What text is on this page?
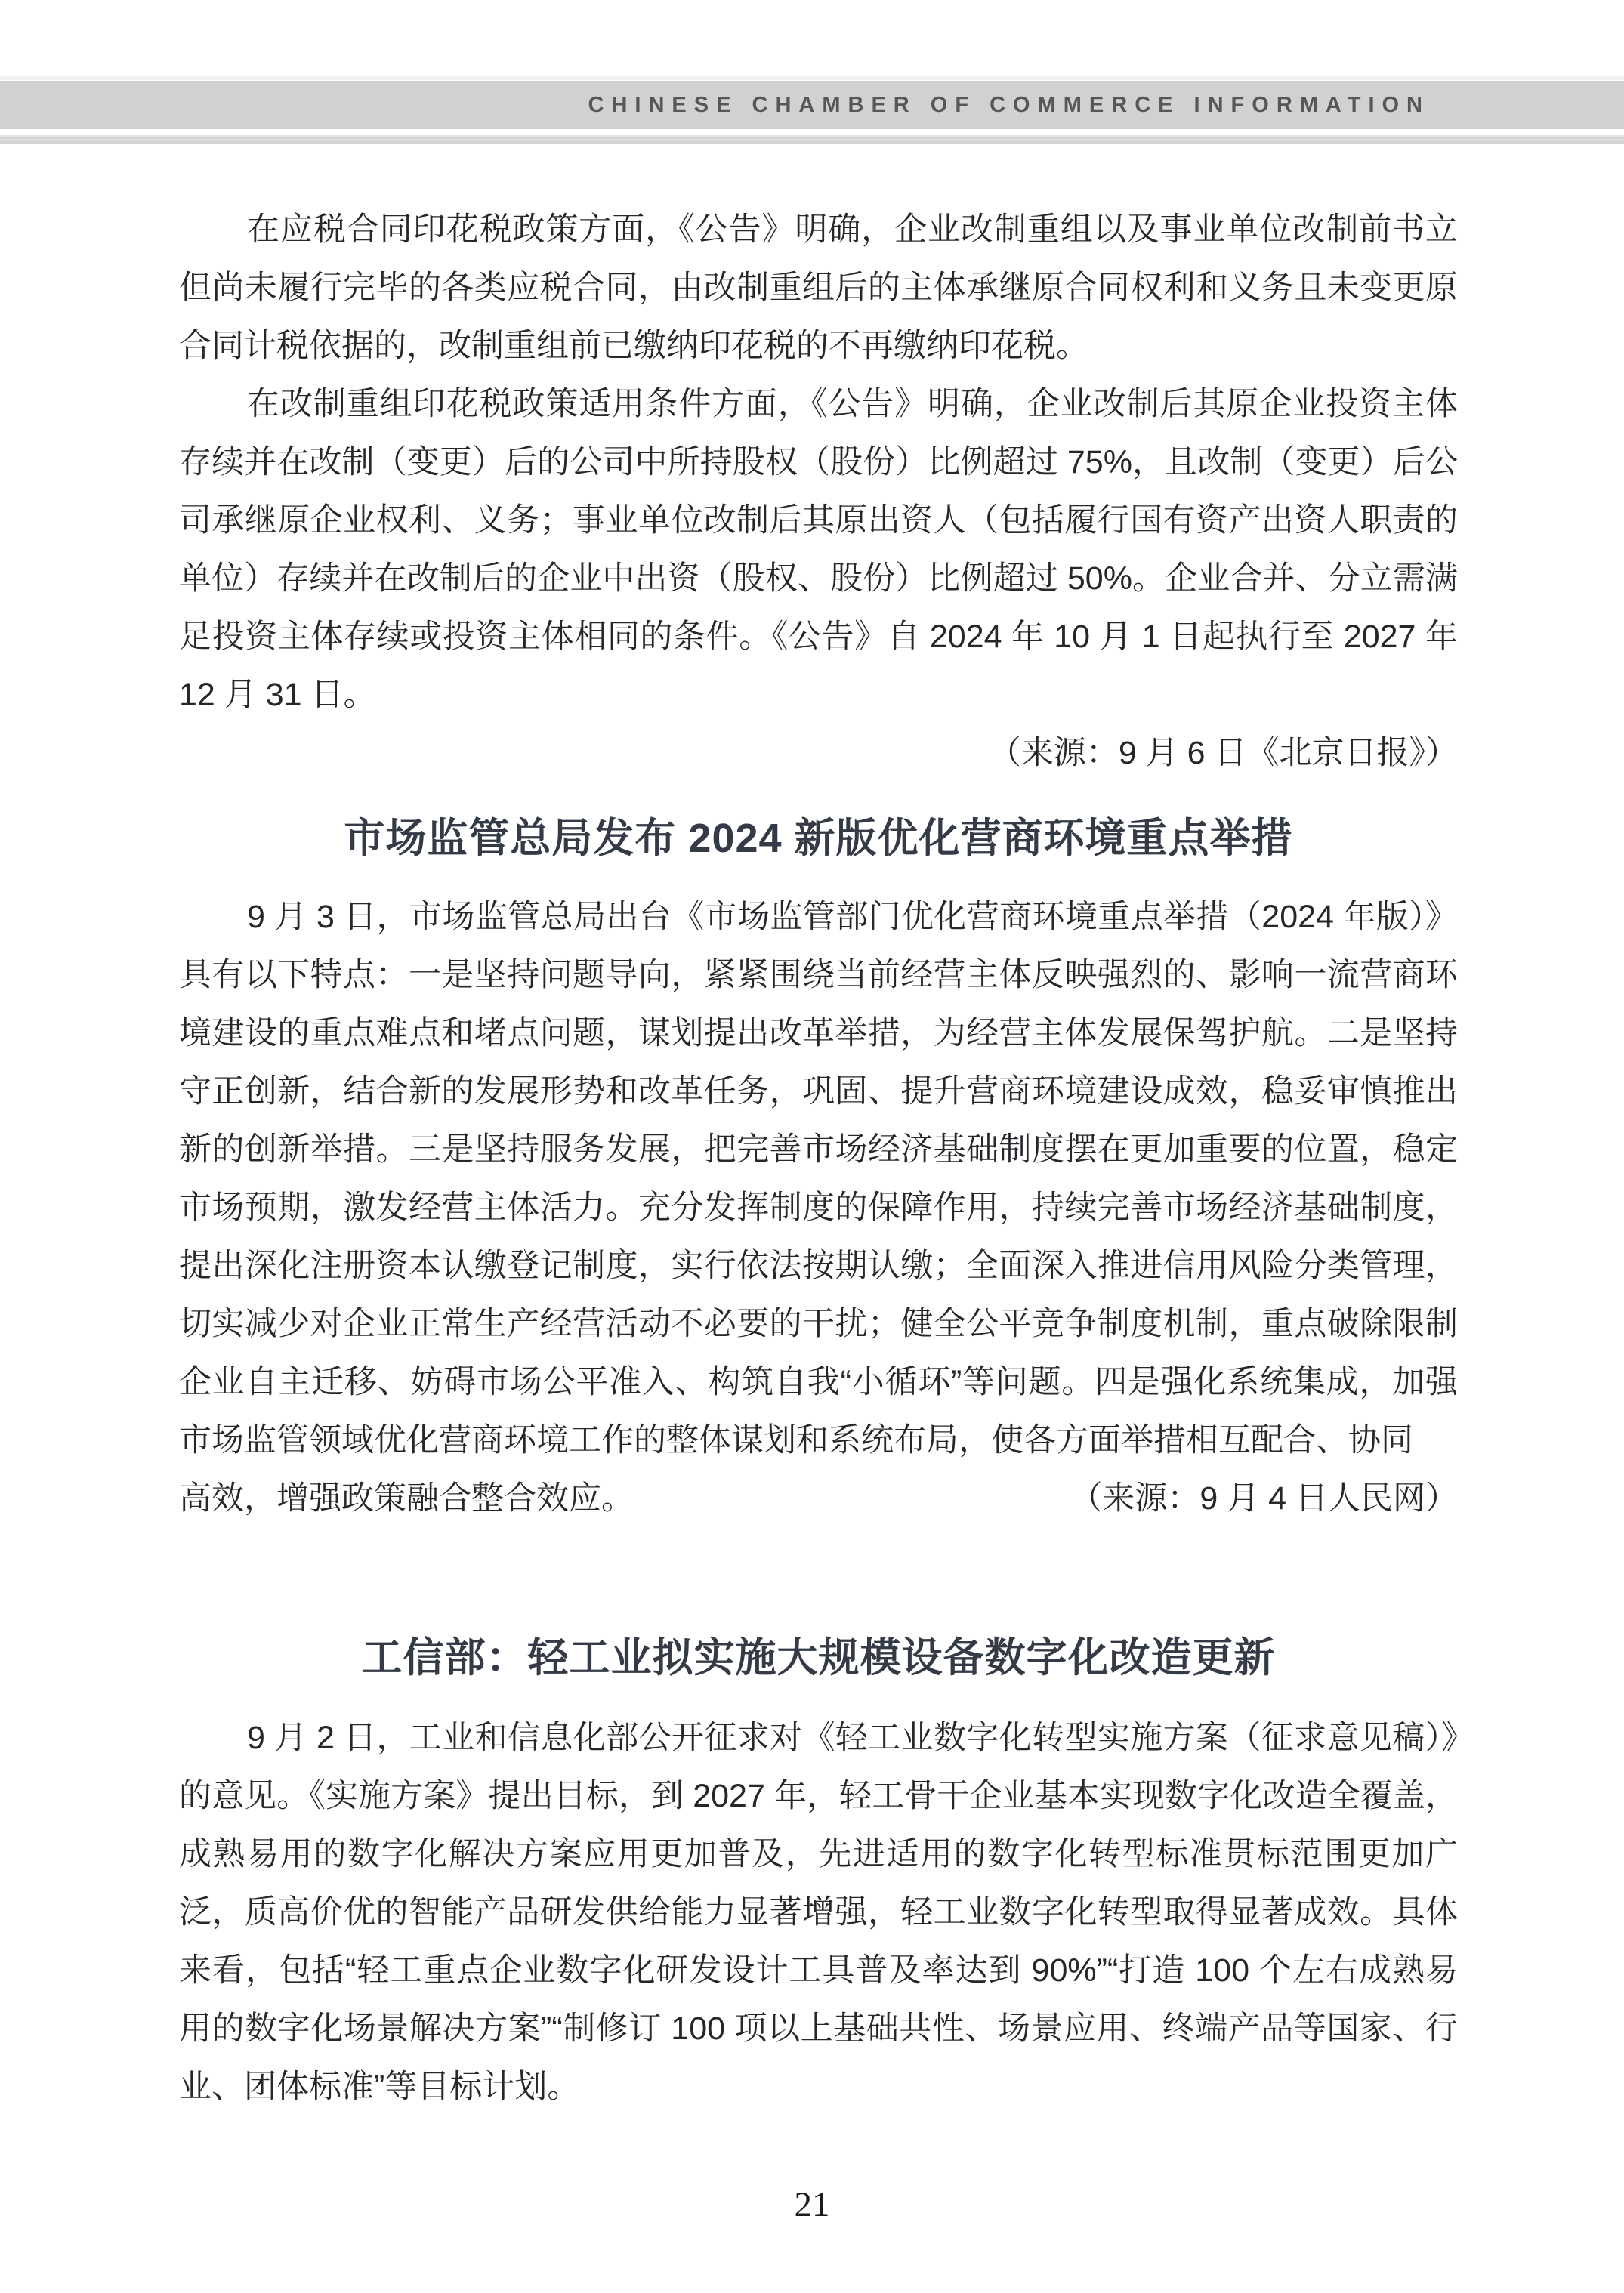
CHINESE CHAMBER OF COMMERCE INFORMATION

在应税合同印花税政策方面，《公告》明确，企业改制重组以及事业单位改制前书立但尚未履行完毕的各类应税合同，由改制重组后的主体承继原合同权利和义务且未变更原合同计税依据的，改制重组前已缴纳印花税的不再缴纳印花税。

在改制重组印花税政策适用条件方面，《公告》明确，企业改制后其原企业投资主体存续并在改制（变更）后的公司中所持股权（股份）比例超过 75%，且改制（变更）后公司承继原企业权利、义务；事业单位改制后其原出资人（包括履行国有资产出资人职责的单位）存续并在改制后的企业中出资（股权、股份）比例超过 50%。企业合并、分立需满足投资主体存续或投资主体相同的条件。《公告》自 2024 年 10 月 1 日起执行至 2027 年 12 月 31 日。

（来源：9 月 6 日《北京日报》）

市场监管总局发布 2024 新版优化营商环境重点举措

9 月 3 日，市场监管总局出台《市场监管部门优化营商环境重点举措（2024 年版）》具有以下特点：一是坚持问题导向，紧紧围绕当前经营主体反映强烈的、影响一流营商环境建设的重点难点和堵点问题，谋划提出改革举措，为经营主体发展保驾护航。二是坚持守正创新，结合新的发展形势和改革任务，巩固、提升营商环境建设成效，稳妥审慎推出新的创新举措。三是坚持服务发展，把完善市场经济基础制度摆在更加重要的位置，稳定市场预期，激发经营主体活力。充分发挥制度的保障作用，持续完善市场经济基础制度，提出深化注册资本认缴登记制度，实行依法按期认缴；全面深入推进信用风险分类管理，切实减少对企业正常生产经营活动不必要的干扰；健全公平竞争制度机制，重点破除限制企业自主迁移、妨碍市场公平准入、构筑自我“小循环”等问题。四是强化系统集成，加强市场监管领域优化营商环境工作的整体谋划和系统布局，使各方面举措相互配合、协同

高效，增强政策融合整合效应。	（来源：9 月 4 日人民网）
工信部：轻工业拟实施大规模设备数字化改造更新

9 月 2 日，工业和信息化部公开征求对《轻工业数字化转型实施方案（征求意见稿）》的意见。《实施方案》提出目标，到 2027 年，轻工骨干企业基本实现数字化改造全覆盖，成熟易用的数字化解决方案应用更加普及，先进适用的数字化转型标准贯标范围更加广泛，质高价优的智能产品研发供给能力显著增强，轻工业数字化转型取得显著成效。具体来看，包括“轻工重点企业数字化研发设计工具普及率达到 90%”“打造 100 个左右成熟易用的数字化场景解决方案”“制修订 100 项以上基础共性、场景应用、终端产品等国家、行业、团体标准”等目标计划。

21
